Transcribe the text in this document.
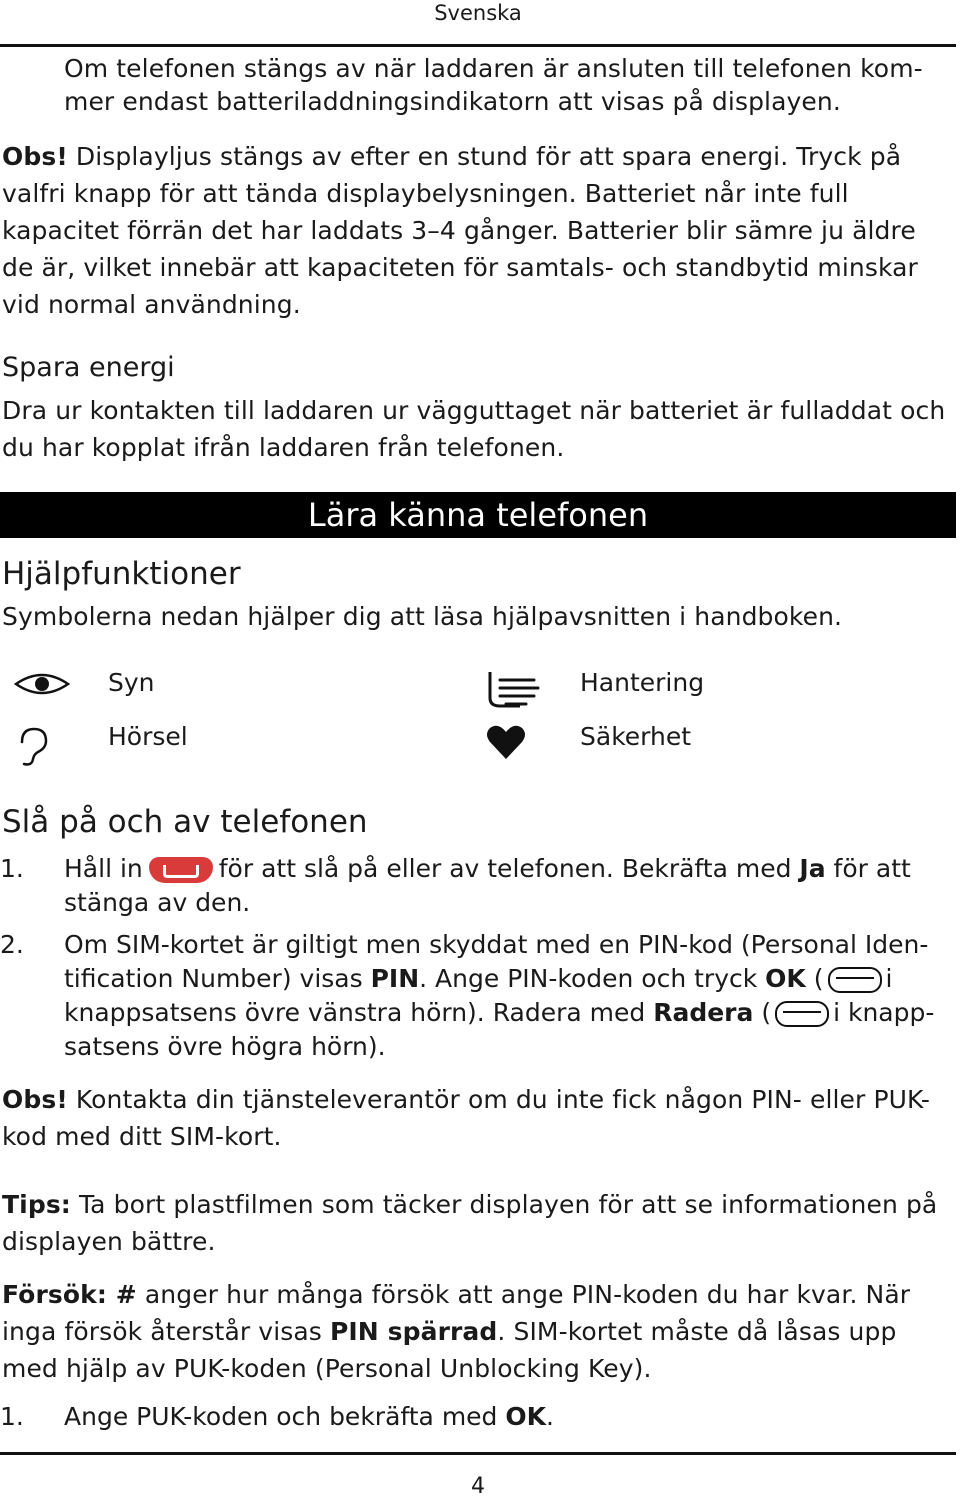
Svenska
Om telefonen stängs av när laddaren är ansluten till telefonen kom-
mer endast batteriladdningsindikatorn att visas på displayen.
Obs! Displayljus stängs av efter en stund för att spara energi. Tryck på valfri knapp för att tända displaybelysningen. Batteriet når inte full kapacitet förrän det har laddats 3–4 gånger. Batterier blir sämre ju äldre de är, vilket innebär att kapaciteten för samtals- och standbytid minskar vid normal användning.
Spara energi
Dra ur kontakten till laddaren ur vägguttaget när batteriet är fulladdat och du har kopplat ifrån laddaren från telefonen.
Lära känna telefonen
Hjälpfunktioner
Symbolerna nedan hjälper dig att läsa hjälpavsnitten i handboken.
Syn	Hantering
Hörsel	Säkerhet
Slå på och av telefonen
1. Håll in	för att slå på eller av telefonen. Bekräfta med Ja för att stänga av den.
2. Om SIM-kortet är giltigt men skyddat med en PIN-kod (Personal Iden-tification Number) visas PIN. Ange PIN-koden och tryck OK ( i knappsatsens övre vänstra hörn). Radera med Radera ( i knapp-satsens övre högra hörn).
Obs! Kontakta din tjänsteleverantör om du inte fick någon PIN- eller PUK-kod med ditt SIM-kort.
Tips: Ta bort plastfilmen som täcker displayen för att se informationen på displayen bättre.
Försök: # anger hur många försök att ange PIN-koden du har kvar. När inga försök återstår visas PIN spärrad. SIM-kortet måste då låsas upp med hjälp av PUK-koden (Personal Unblocking Key).
1. Ange PUK-koden och bekräfta med OK.
4
